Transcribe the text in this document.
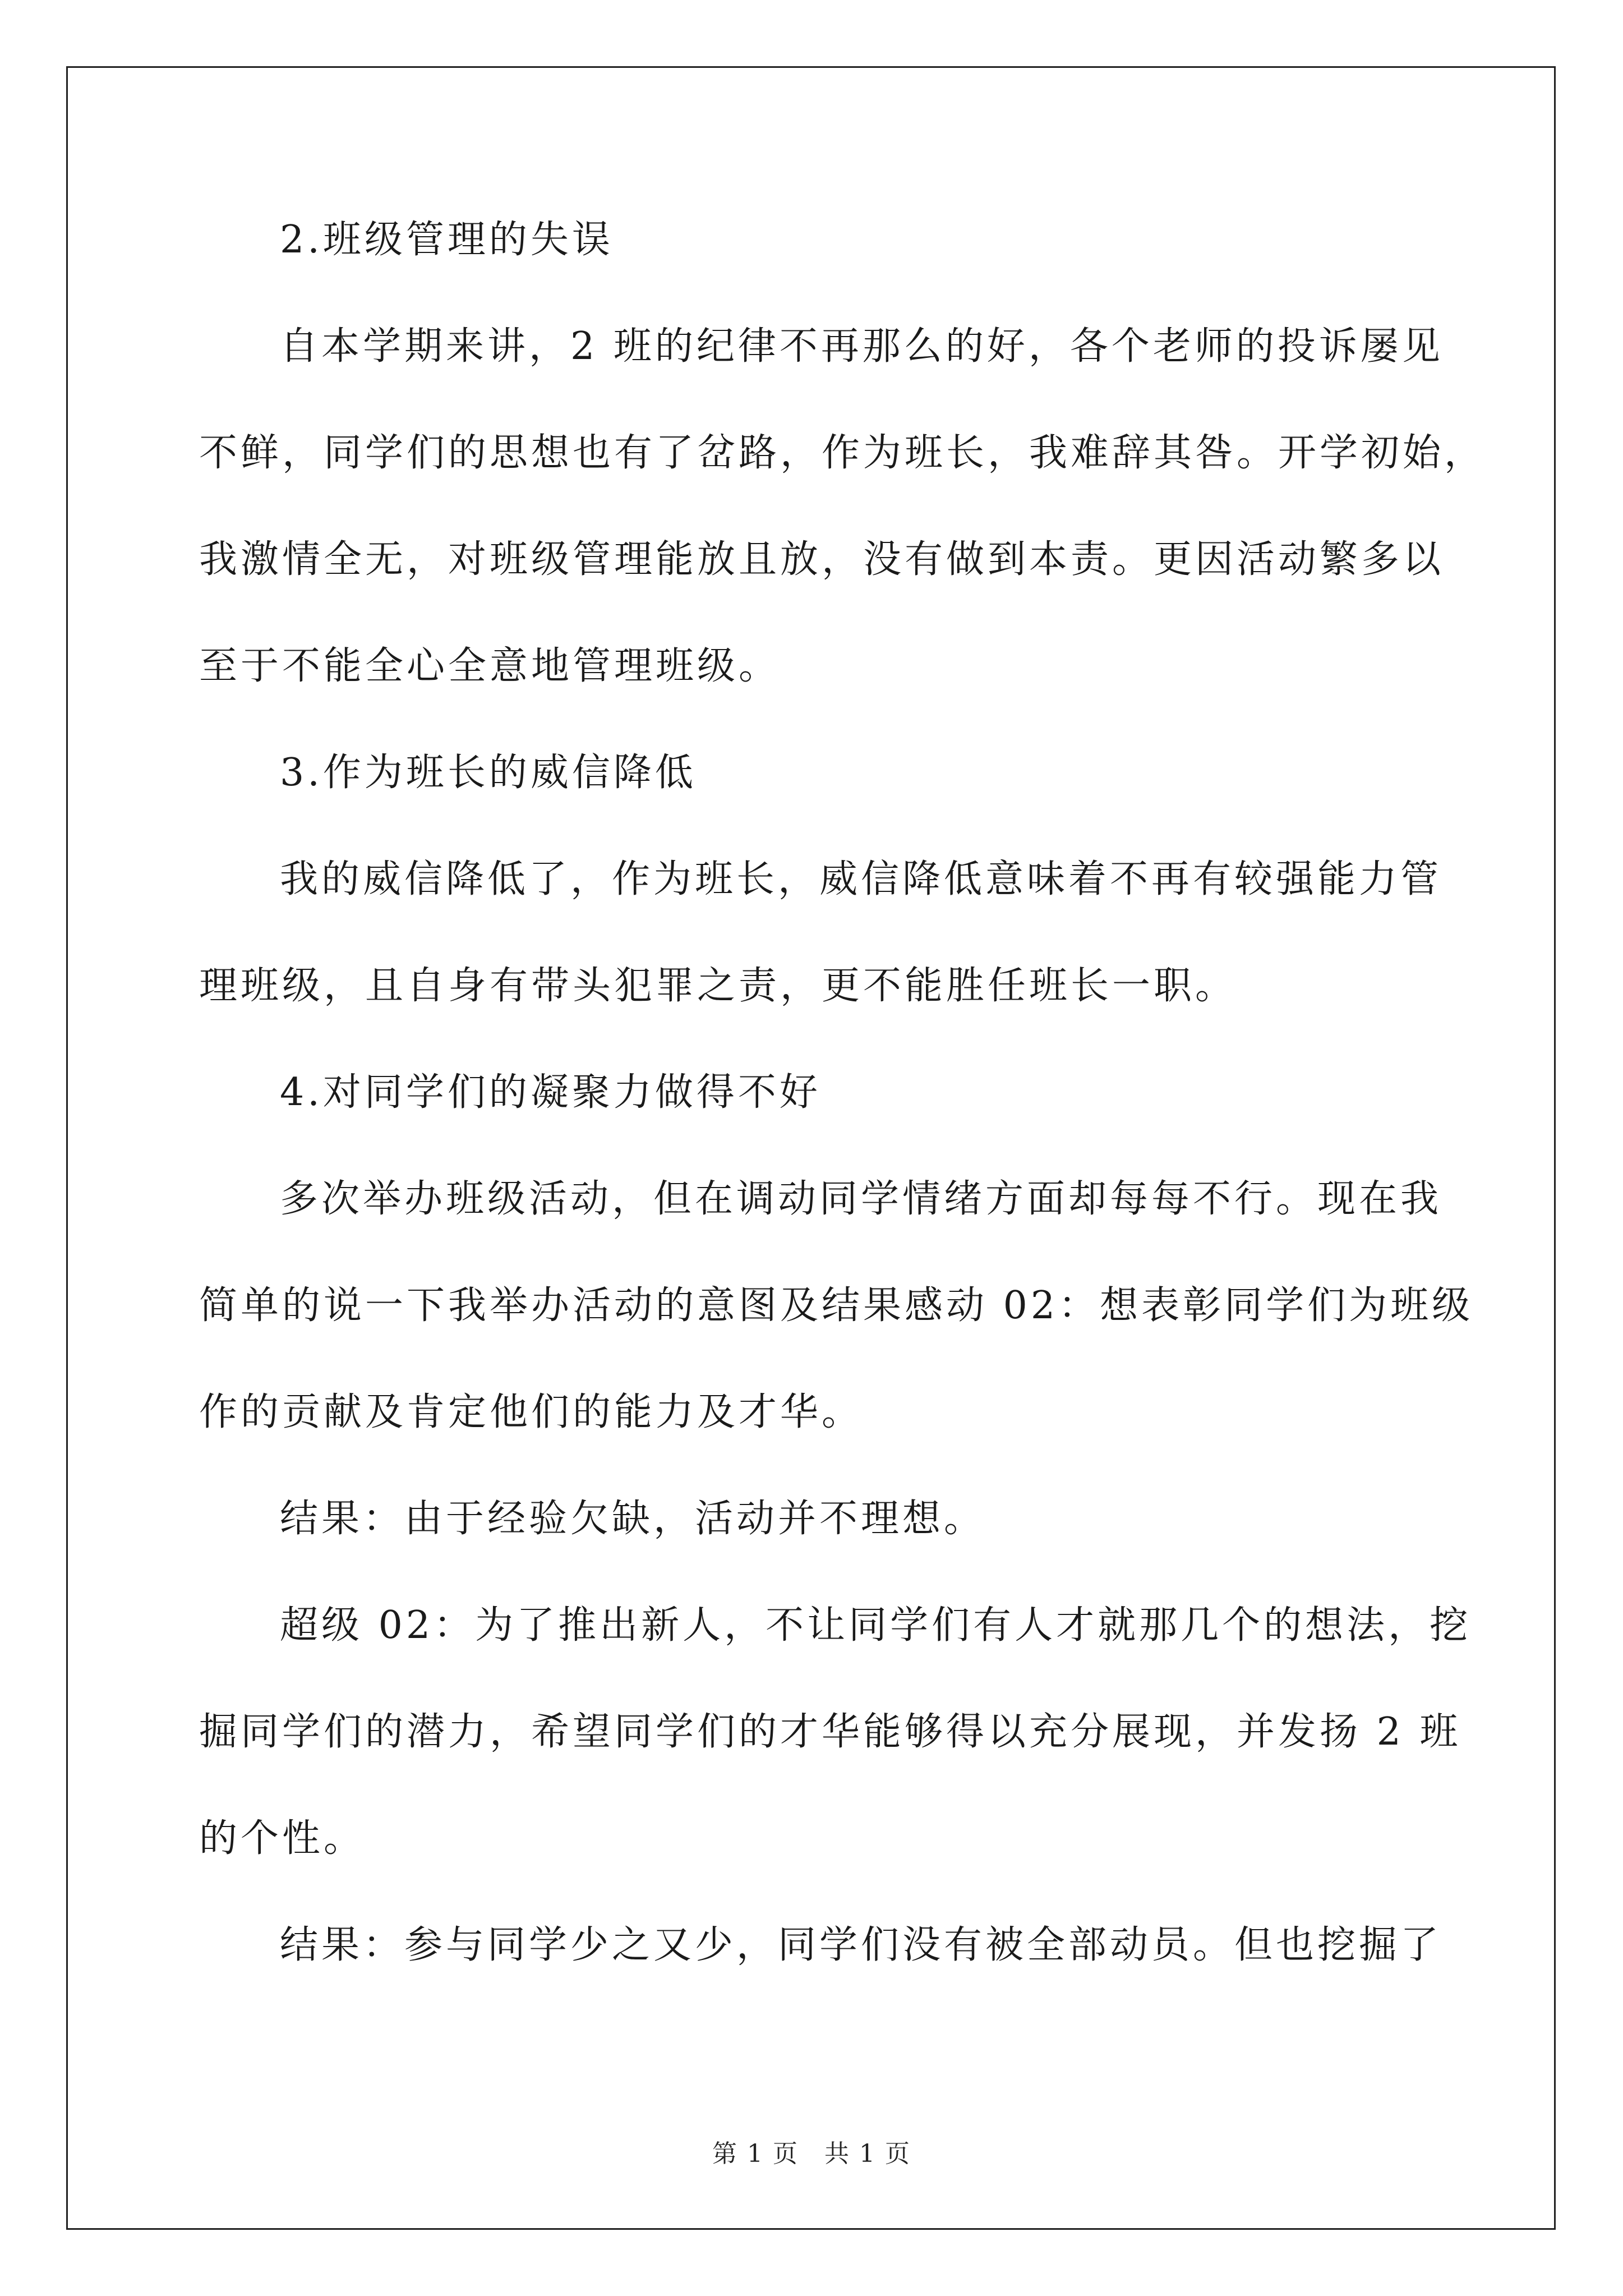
2.班级管理的失误
自本学期来讲，2 班的纪律不再那么的好，各个老师的投诉屡见
不鲜，同学们的思想也有了岔路，作为班长，我难辞其咎。开学初始，
我激情全无，对班级管理能放且放，没有做到本责。更因活动繁多以
至于不能全心全意地管理班级。
3.作为班长的威信降低
我的威信降低了，作为班长，威信降低意味着不再有较强能力管
理班级，且自身有带头犯罪之责，更不能胜任班长一职。
4.对同学们的凝聚力做得不好
多次举办班级活动，但在调动同学情绪方面却每每不行。现在我
简单的说一下我举办活动的意图及结果感动 02：想表彰同学们为班级
作的贡献及肯定他们的能力及才华。
结果：由于经验欠缺，活动并不理想。
超级 02：为了推出新人，不让同学们有人才就那几个的想法，挖
掘同学们的潜力，希望同学们的才华能够得以充分展现，并发扬 2 班
的个性。
结果：参与同学少之又少，同学们没有被全部动员。但也挖掘了
第 1 页　共 1 页
